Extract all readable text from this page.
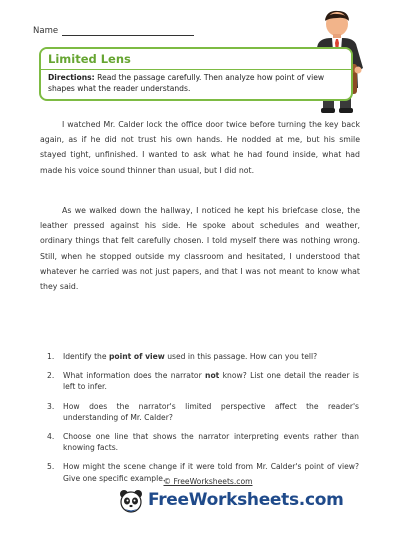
Name
Limited Lens
Directions: Read the passage carefully. Then analyze how point of view shapes what the reader understands.
I watched Mr. Calder lock the office door twice before turning the key back again, as if he did not trust his own hands. He nodded at me, but his smile stayed tight, unfinished. I wanted to ask what he had found inside, what had made his voice sound thinner than usual, but I did not.
As we walked down the hallway, I noticed he kept his briefcase close, the leather pressed against his side. He spoke about schedules and weather, ordinary things that felt carefully chosen. I told myself there was nothing wrong. Still, when he stopped outside my classroom and hesitated, I understood that whatever he carried was not just papers, and that I was not meant to know what they said.
1. Identify the point of view used in this passage. How can you tell?
2. What information does the narrator not know? List one detail the reader is left to infer.
3. How does the narrator's limited perspective affect the reader's understanding of Mr. Calder?
4. Choose one line that shows the narrator interpreting events rather than knowing facts.
5. How might the scene change if it were told from Mr. Calder's point of view? Give one specific example.
© FreeWorksheets.com
FreeWorksheets.com
